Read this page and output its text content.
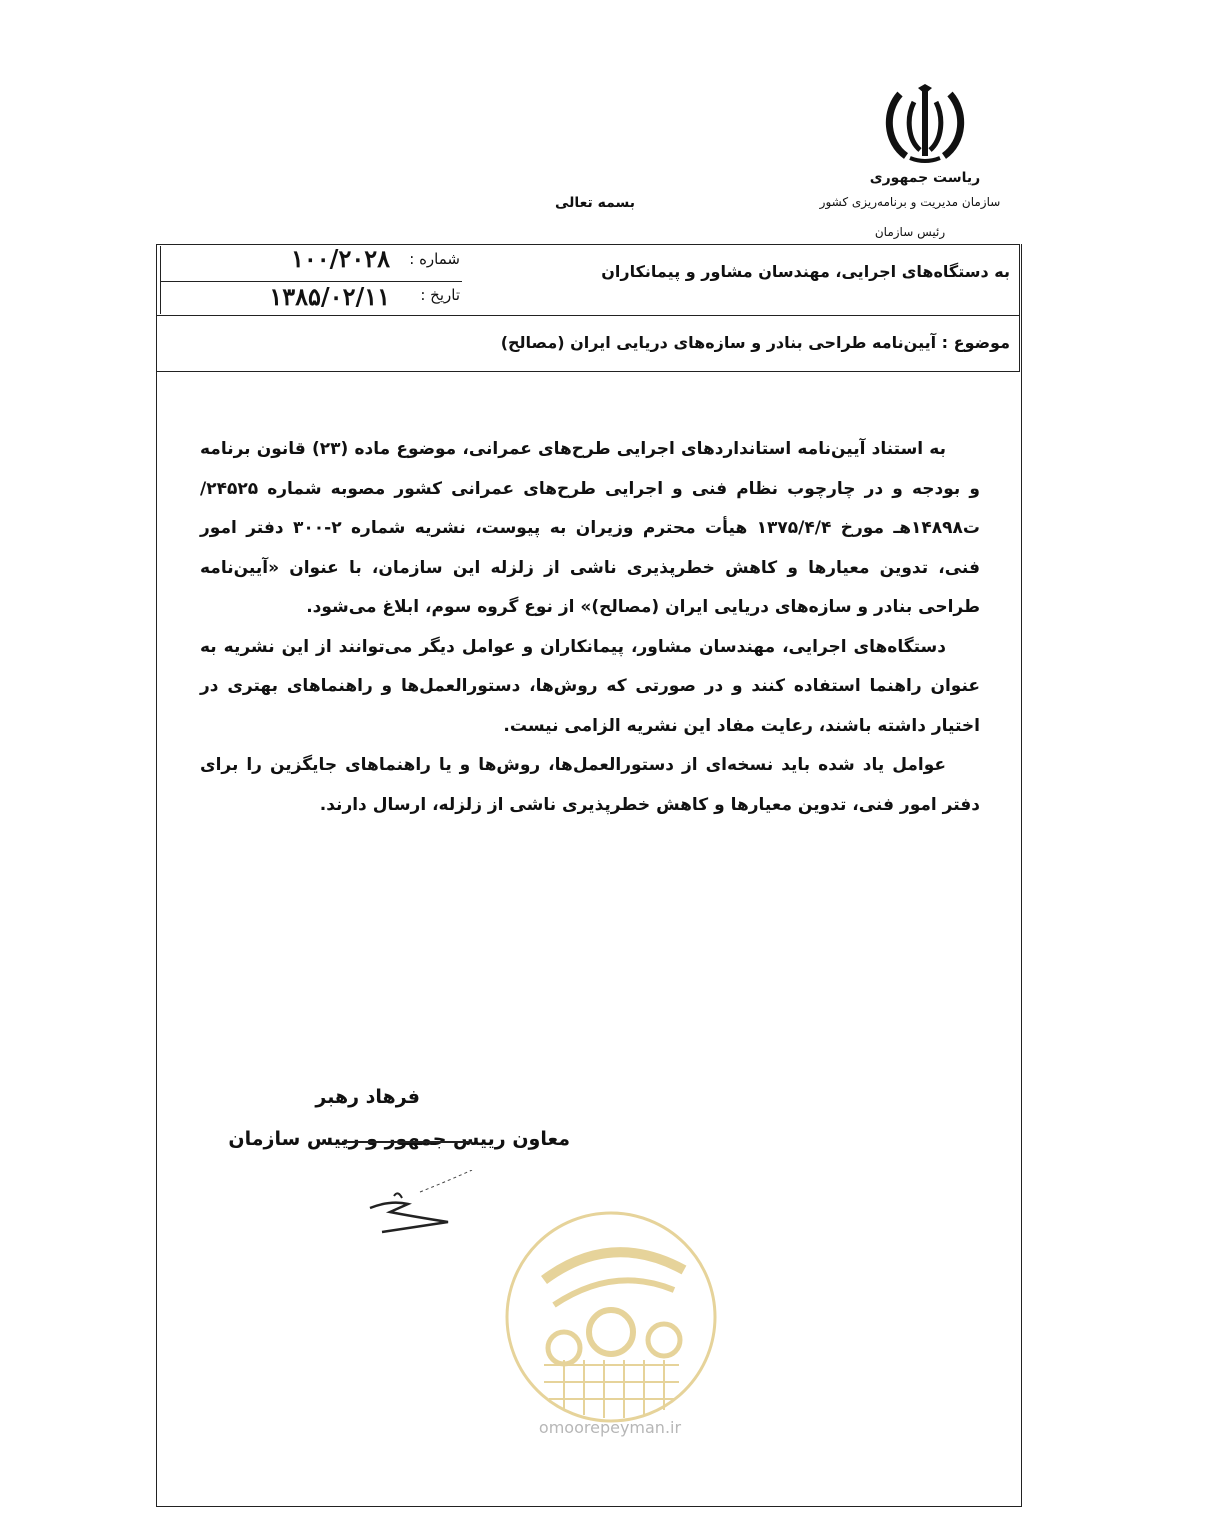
ریاست جمهوری
سازمان مدیریت و برنامه‌ریزی کشور
رئیس سازمان
بسمه تعالی
به دستگاه‌های اجرایی، مهندسان مشاور و پیمانکاران
شماره :
۱۰۰/۲۰۲۸
تاریخ :
۱۳۸۵/۰۲/۱۱
موضوع : آیین‌نامه طراحی بنادر و سازه‌های دریایی ایران (مصالح)

به استناد آیین‌نامه استانداردهای اجرایی طرح‌های عمرانی، موضوع ماده (۲۳) قانون برنامه و بودجه و در چارچوب نظام فنی و اجرایی طرح‌های عمرانی کشور مصوبه شماره ۲۴۵۲۵/ت۱۴۸۹۸هـ مورخ ۱۳۷۵/۴/۴ هیأت محترم وزیران به پیوست، نشریه شماره ۲-۳۰۰ دفتر امور فنی، تدوین معیارها و کاهش خطرپذیری ناشی از زلزله این سازمان، با عنوان «آیین‌نامه طراحی بنادر و سازه‌های دریایی ایران (مصالح)» از نوع گروه سوم، ابلاغ می‌شود.

دستگاه‌های اجرایی، مهندسان مشاور، پیمانکاران و عوامل دیگر می‌توانند از این نشریه به عنوان راهنما استفاده کنند و در صورتی که روش‌ها، دستورالعمل‌ها و راهنماهای بهتری در اختیار داشته باشند، رعایت مفاد این نشریه الزامی نیست.

عوامل یاد شده باید نسخه‌ای از دستورالعمل‌ها، روش‌ها و یا راهنماهای جایگزین را برای دفتر امور فنی، تدوین معیارها و کاهش خطرپذیری ناشی از زلزله، ارسال دارند.

فرهاد رهبر
معاون رییس جمهور و رییس سازمان
omoorepeyman.ir
